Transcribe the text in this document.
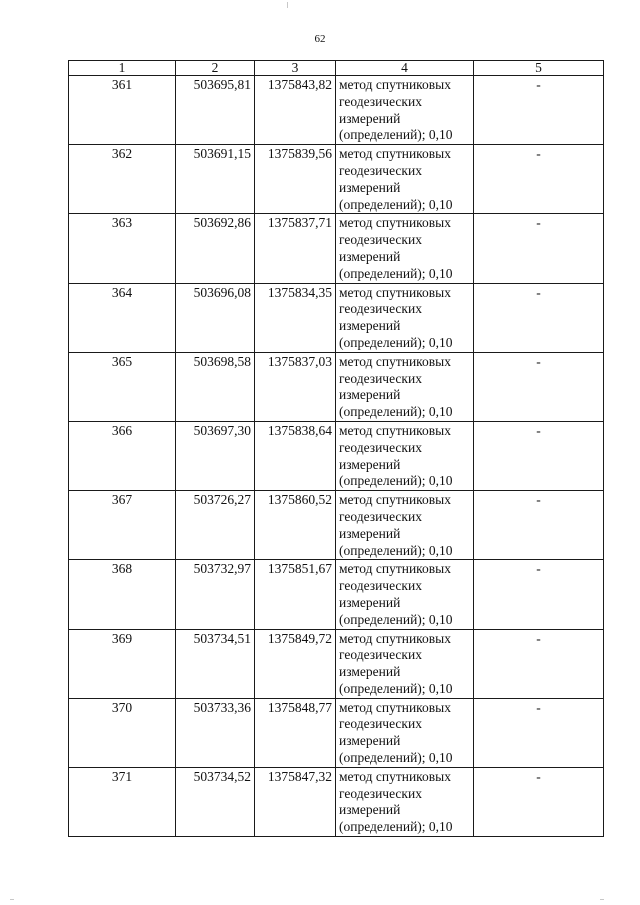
62
1	2	3	4	5
361	503695,81	1375843,82	метод спутниковых геодезических измерений (определений); 0,10	-
362	503691,15	1375839,56	метод спутниковых геодезических измерений (определений); 0,10	-
363	503692,86	1375837,71	метод спутниковых геодезических измерений (определений); 0,10	-
364	503696,08	1375834,35	метод спутниковых геодезических измерений (определений); 0,10	-
365	503698,58	1375837,03	метод спутниковых геодезических измерений (определений); 0,10	-
366	503697,30	1375838,64	метод спутниковых геодезических измерений (определений); 0,10	-
367	503726,27	1375860,52	метод спутниковых геодезических измерений (определений); 0,10	-
368	503732,97	1375851,67	метод спутниковых геодезических измерений (определений); 0,10	-
369	503734,51	1375849,72	метод спутниковых геодезических измерений (определений); 0,10	-
370	503733,36	1375848,77	метод спутниковых геодезических измерений (определений); 0,10	-
371	503734,52	1375847,32	метод спутниковых геодезических измерений (определений); 0,10	-
